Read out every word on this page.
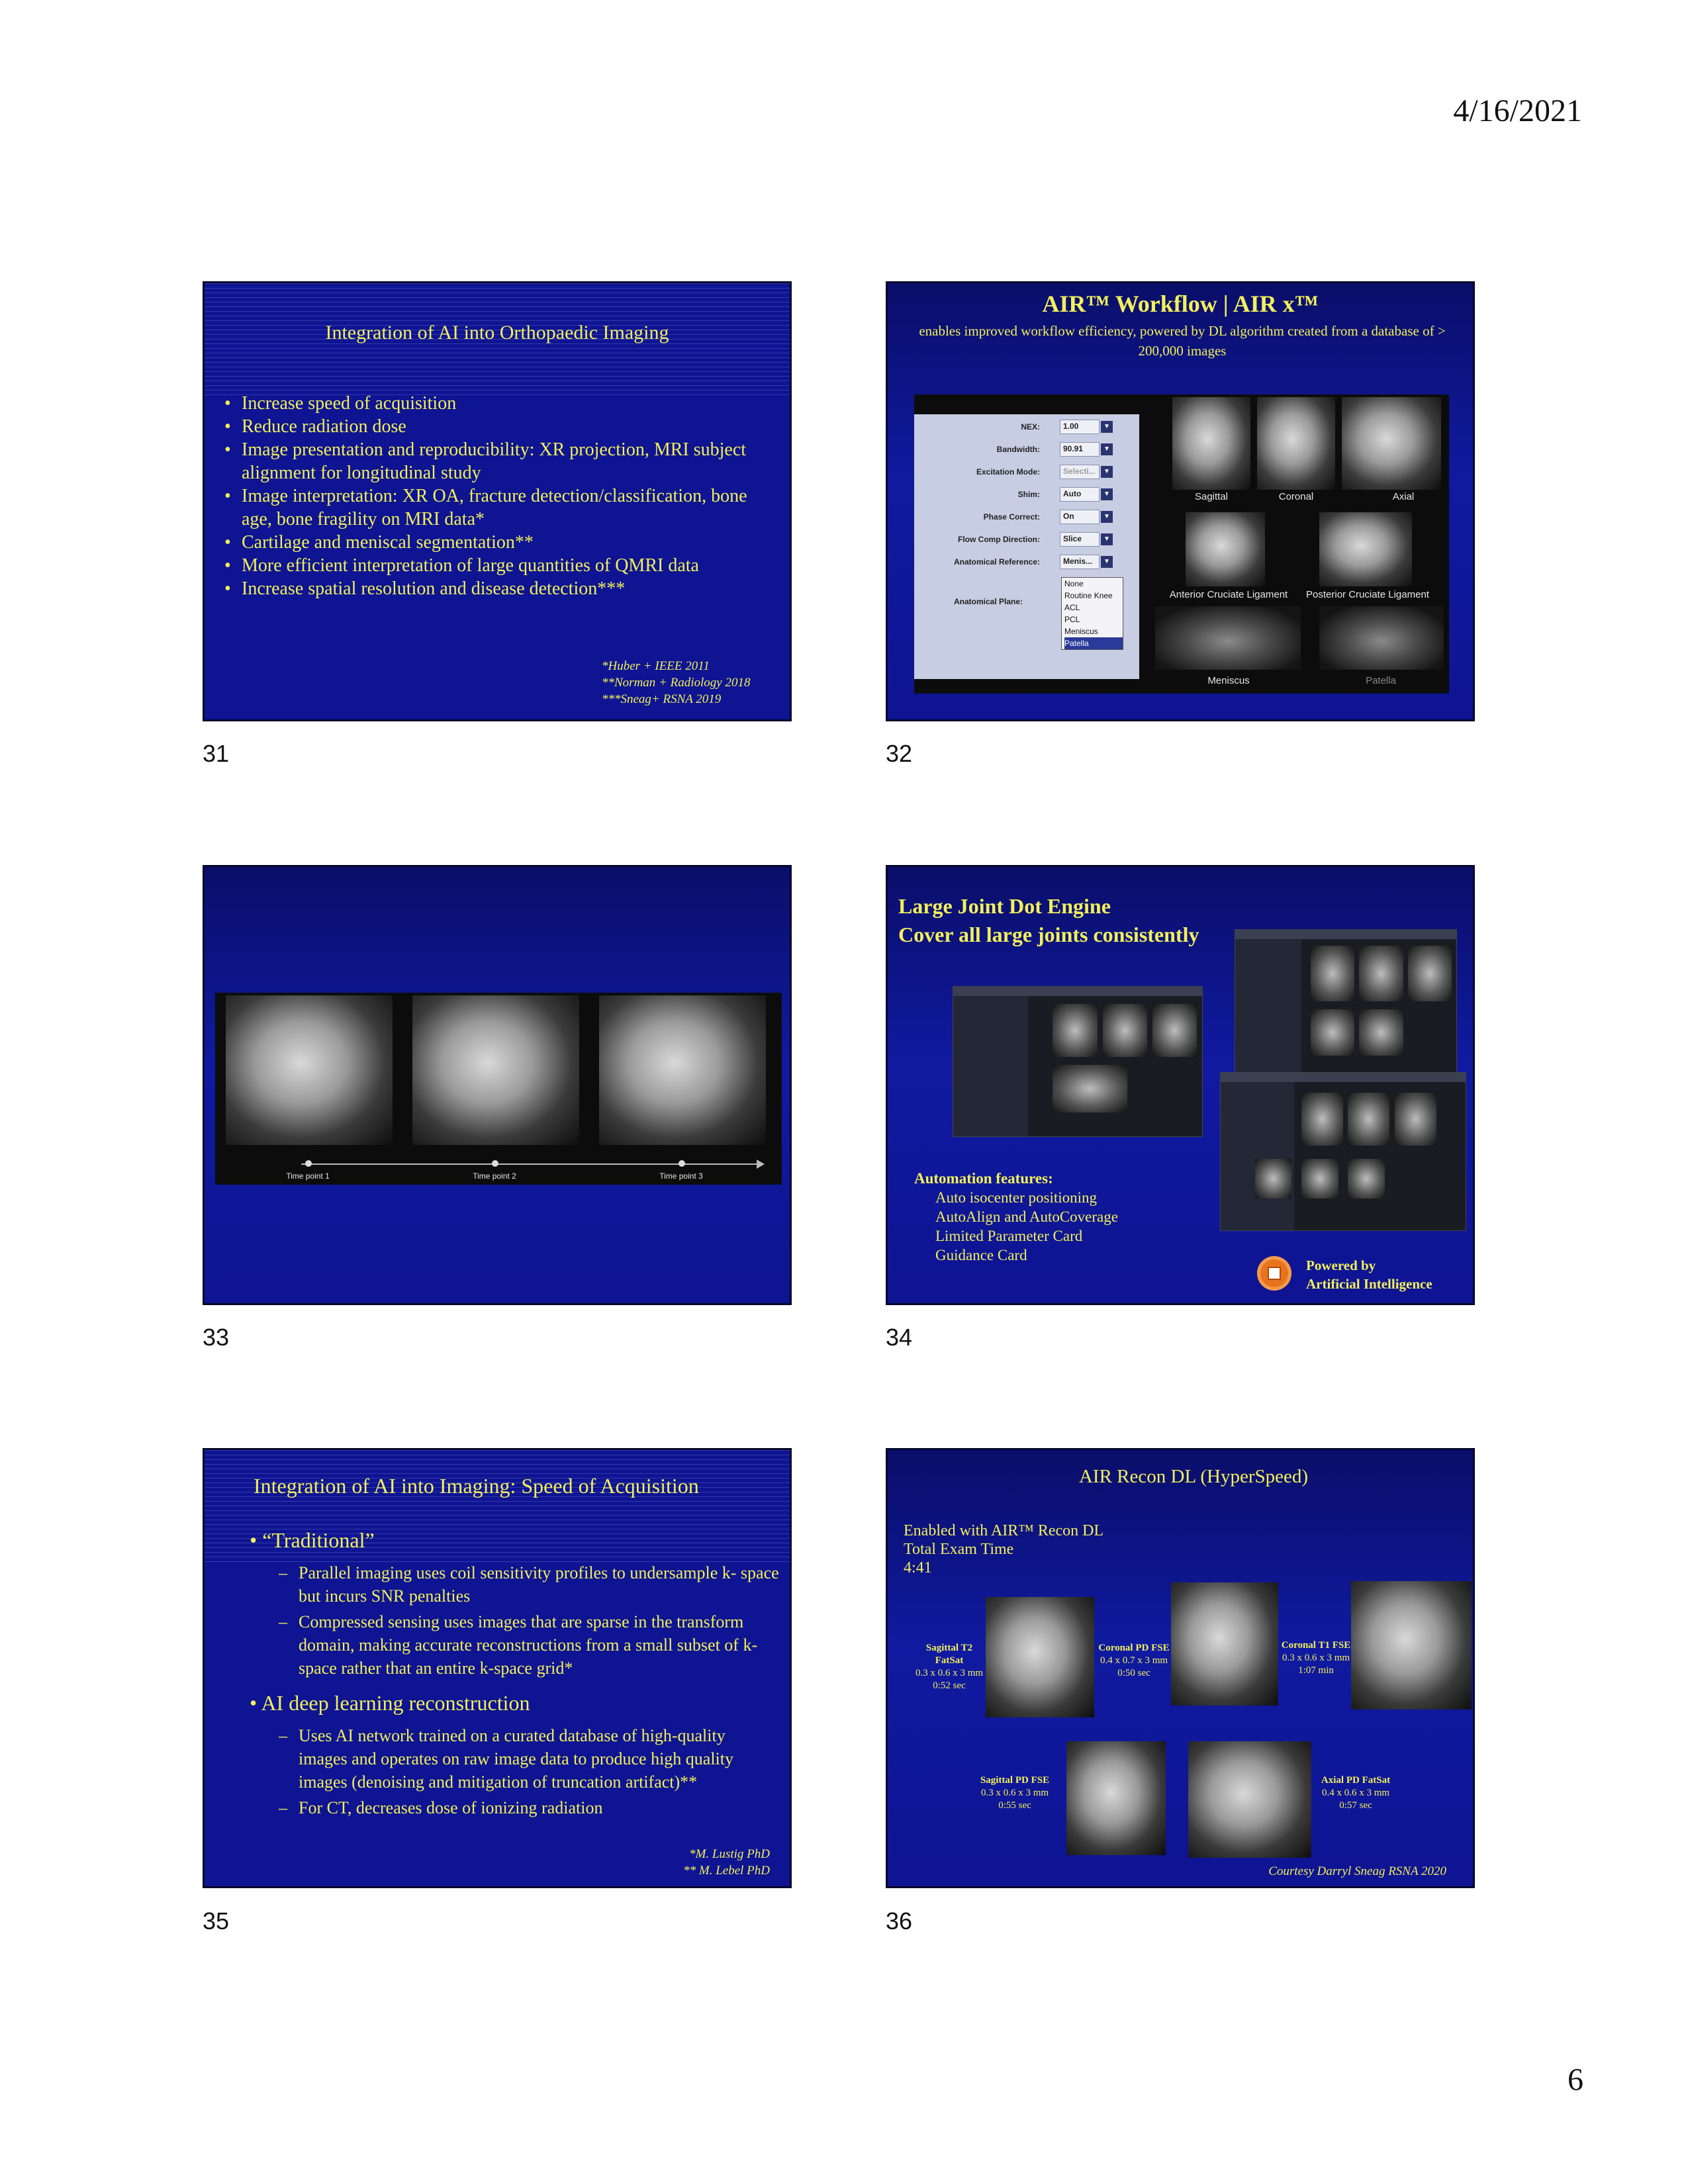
4/16/2021
6
Integration of AI into Orthopaedic Imaging
• Increase speed of acquisition
• Reduce radiation dose
• Image presentation and reproducibility: XR projection, MRI subject alignment for longitudinal study
• Image interpretation: XR OA, fracture detection/classification, bone age, bone fragility on MRI data*
• Cartilage and meniscal segmentation**
• More efficient interpretation of large quantities of QMRI data
• Increase spatial resolution and disease detection***
*Huber + IEEE 2011
**Norman + Radiology 2018
***Sneag+ RSNA 2019
31
AIR™ Workflow | AIR x™
enables improved workflow efficiency, powered by DL algorithm created from a database of > 200,000 images
NEX:	1.00	▼
Bandwidth:	90.91	▼
Excitation Mode:	Selecti...	▼
Shim:	Auto	▼
Phase Correct:	On	▼
Flow Comp Direction:	Slice	▼
Anatomical Reference:	Menis...	▼
Anatomical Plane:
None
Routine Knee
ACL
PCL
Meniscus
Patella
Sagittal	Coronal	Axial
Anterior Cruciate Ligament	Posterior Cruciate Ligament
Meniscus	Patella
32
Time point 1	Time point 2	Time point 3
33
Large Joint Dot Engine
Cover all large joints consistently
Automation features:
Auto isocenter positioning
AutoAlign and AutoCoverage
Limited Parameter Card
Guidance Card
Powered by
Artificial Intelligence
34
Integration of AI into Imaging: Speed of Acquisition
• “Traditional”
– Parallel imaging uses coil sensitivity profiles to undersample k- space but incurs SNR penalties
– Compressed sensing uses images that are sparse in the transform domain, making accurate reconstructions from a small subset of k-space rather that an entire k-space grid*
• AI deep learning reconstruction
– Uses AI network trained on a curated database of high-quality images and operates on raw image data to produce high quality images (denoising and mitigation of truncation artifact)**
– For CT, decreases dose of ionizing radiation
*M. Lustig PhD
** M. Lebel PhD
35
AIR Recon DL (HyperSpeed)
Enabled with AIR™ Recon DL
Total Exam Time
4:41
Sagittal T2 FatSat
0.3 x 0.6 x 3 mm
0:52 sec
Coronal PD FSE
0.4 x 0.7 x 3 mm
0:50 sec
Coronal T1 FSE
0.3 x 0.6 x 3 mm
1:07 min
Sagittal PD FSE
0.3 x 0.6 x 3 mm
0:55 sec
Axial PD FatSat
0.4 x 0.6 x 3 mm
0:57 sec
Courtesy Darryl Sneag RSNA 2020
36
